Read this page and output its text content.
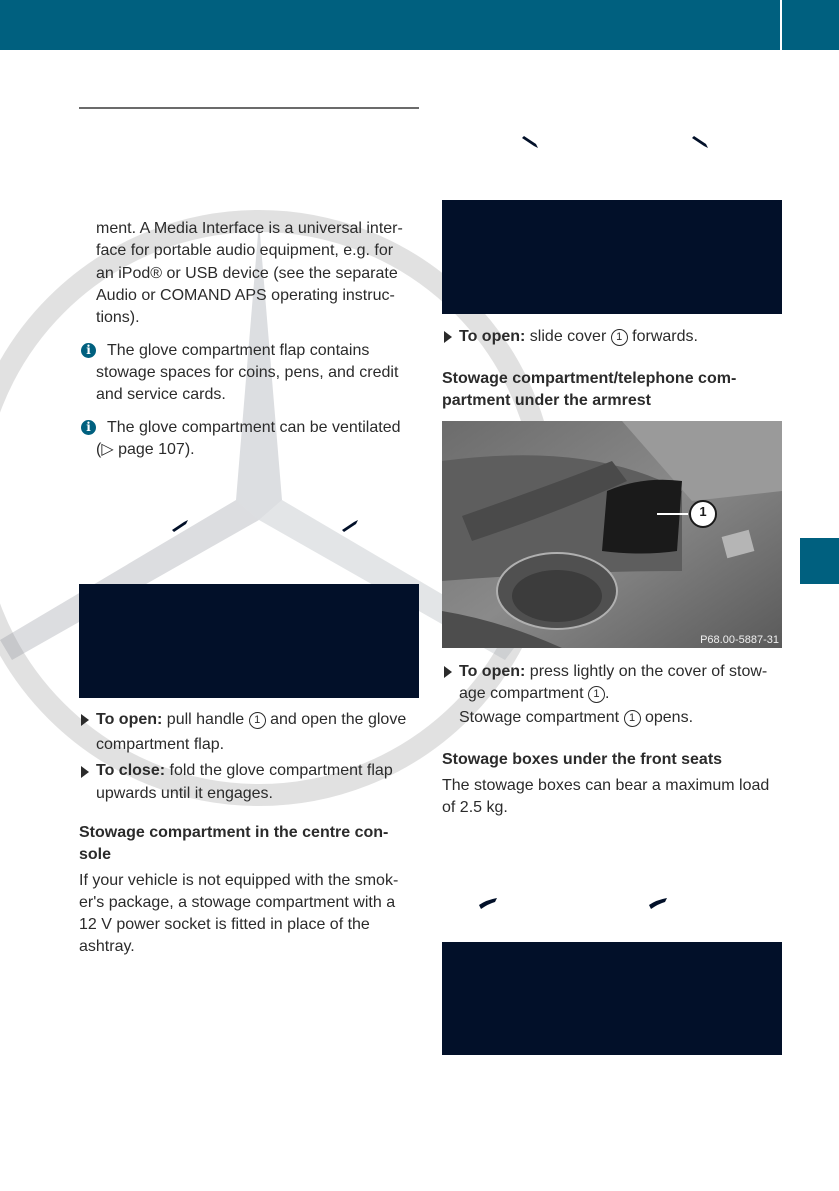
ment. A Media Interface is a universal inter-
face for portable audio equipment, e.g. for
an iPod® or USB device (see the separate
Audio or COMAND APS operating instruc-
tions).
i	The glove compartment flap contains
stowage spaces for coins, pens, and credit
and service cards.
i	The glove compartment can be ventilated
(▷ page 107).
To open: pull handle 1 and open the glove
compartment flap.
To close: fold the glove compartment flap
upwards until it engages.
Stowage compartment in the centre con-
sole
If your vehicle is not equipped with the smok-
er's package, a stowage compartment with a
12 V power socket is fitted in place of the
ashtray.
To open: slide cover 1 forwards.
Stowage compartment/telephone com-
partment under the armrest
1
P68.00-5887-31
To open: press lightly on the cover of stow-
age compartment 1 .
Stowage compartment 1 opens.
Stowage boxes under the front seats
The stowage boxes can bear a maximum load
of 2.5 kg.
